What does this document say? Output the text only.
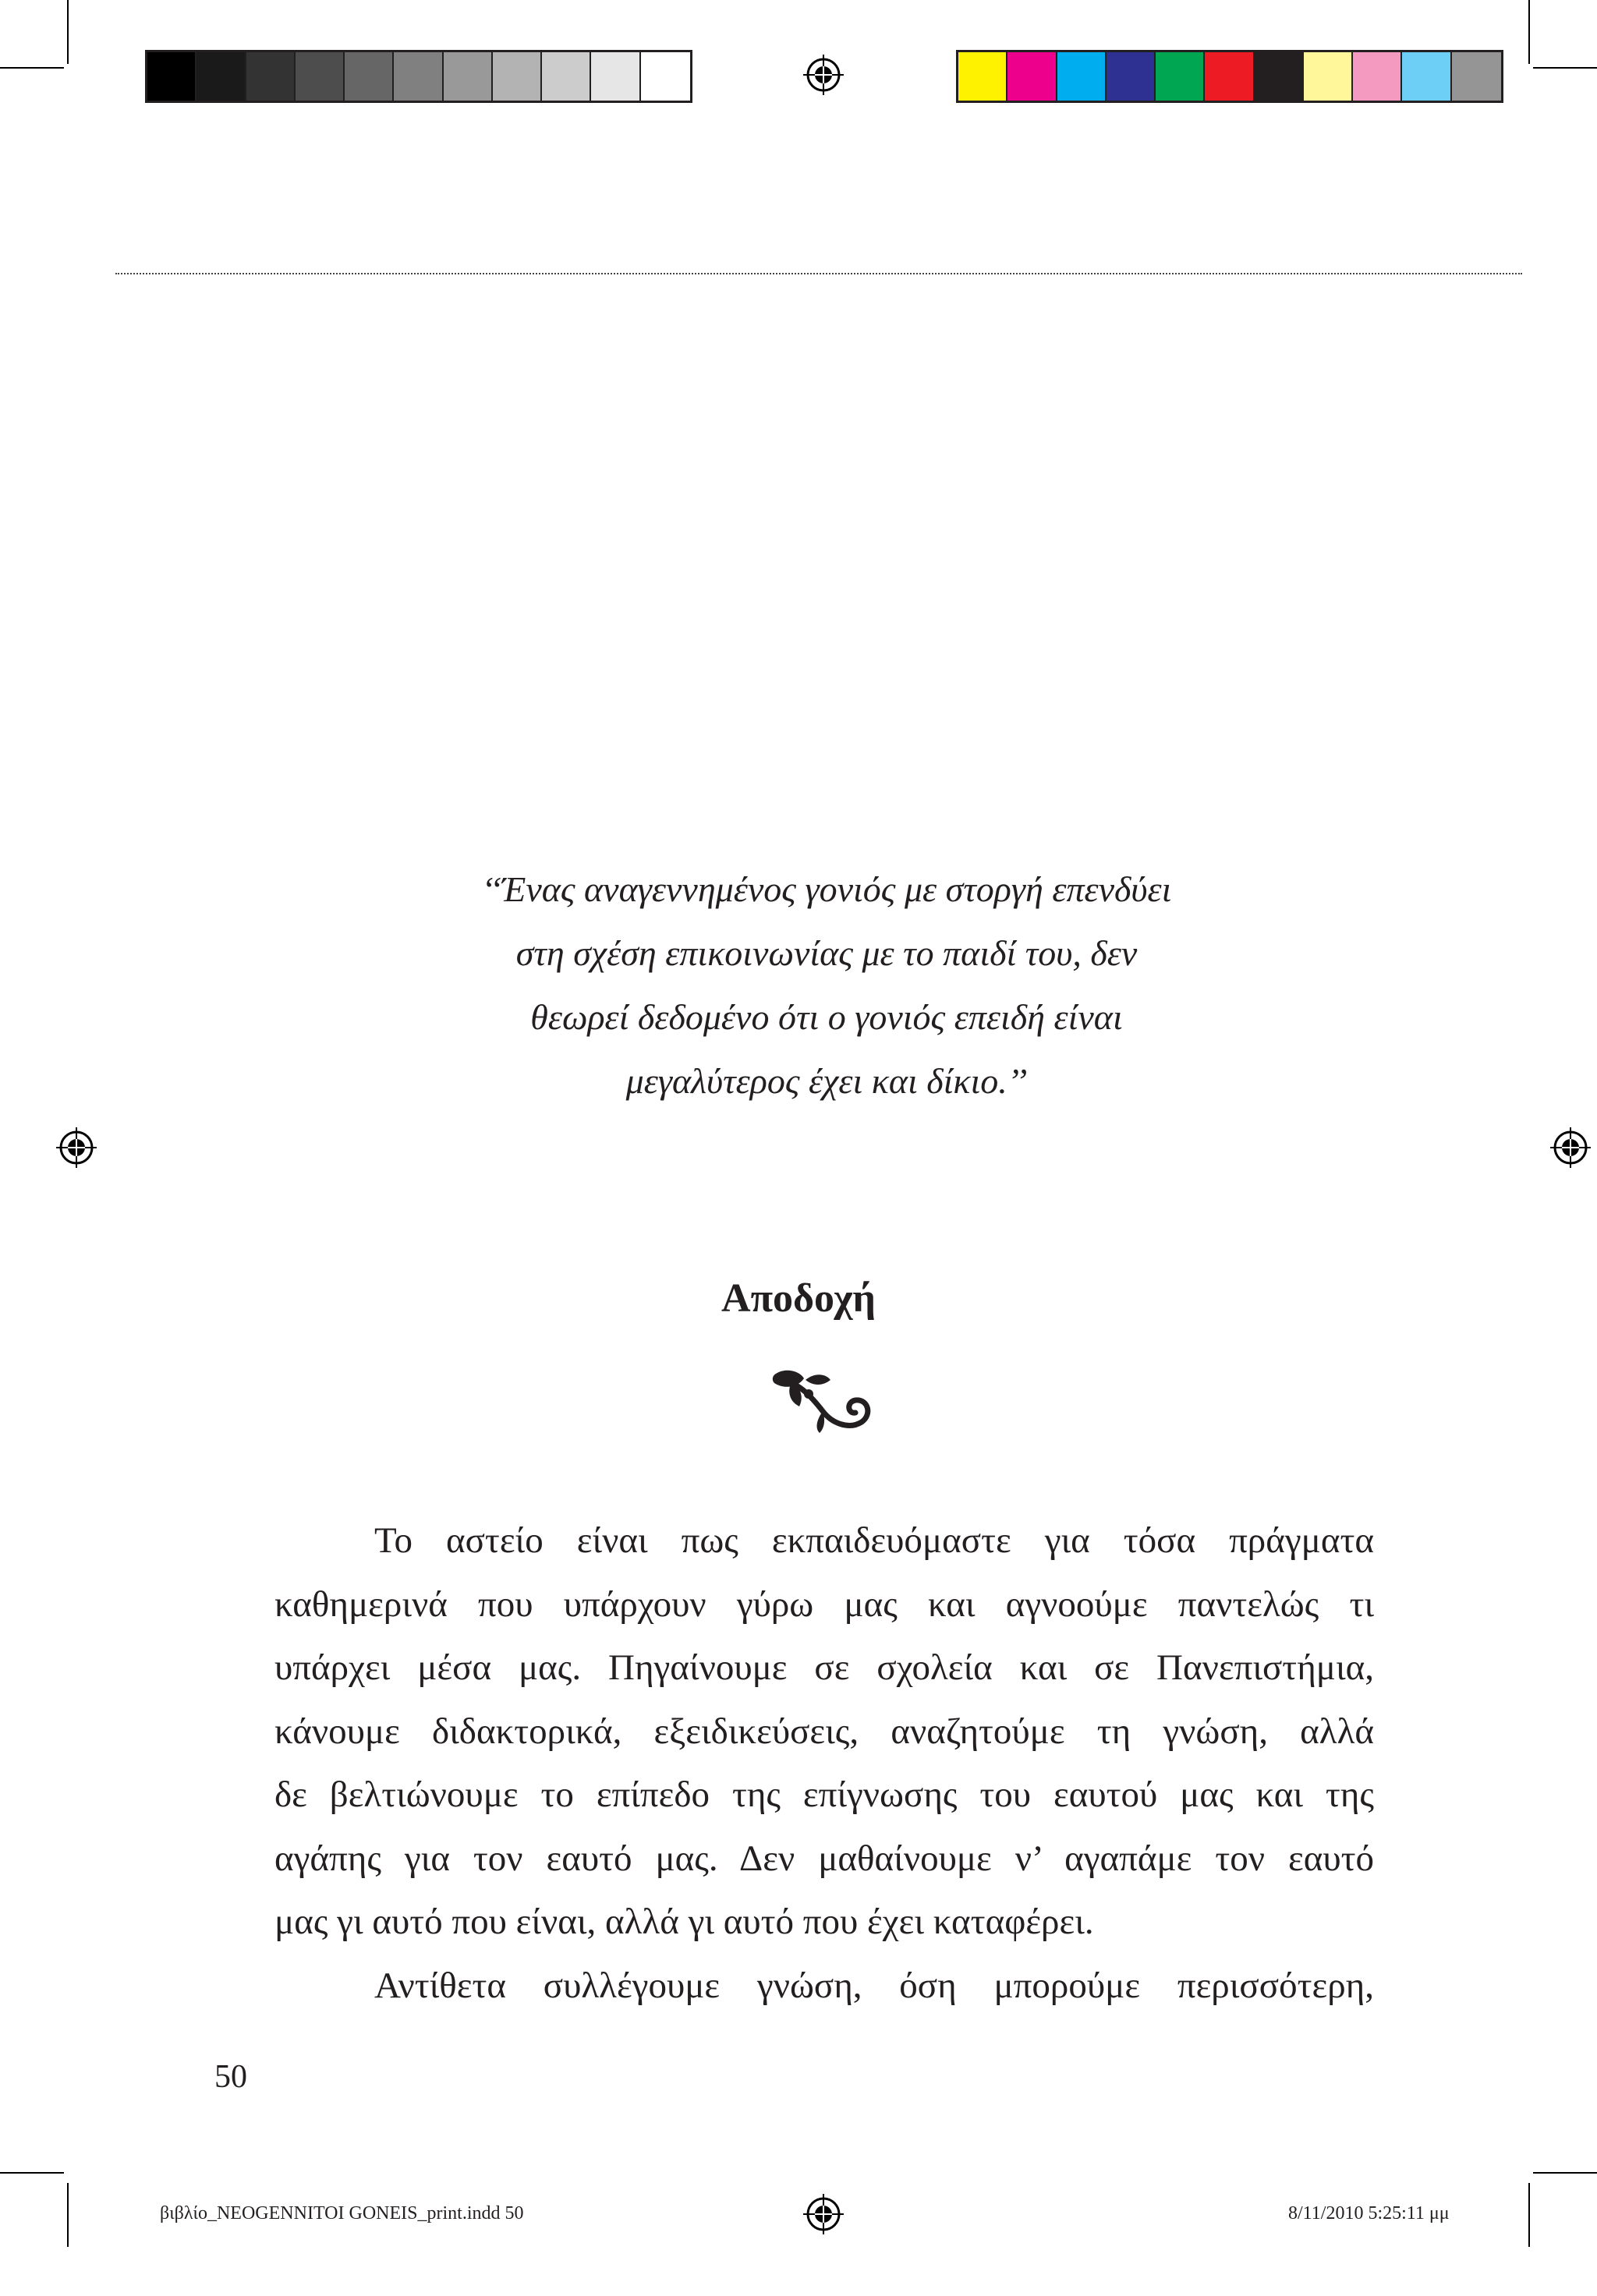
‘‘Ένας αναγεννημένος γονιός με στοργή επενδύει
στη σχέση επικοινωνίας με το παιδί του, δεν
θεωρεί δεδομένο ότι ο γονιός επειδή είναι
μεγαλύτερος έχει και δίκιο.’’
Αποδοχή
Το αστείο είναι πως εκπαιδευόμαστε για τόσα πράγματα
καθημερινά που υπάρχουν γύρω μας και αγνοούμε παντελώς τι
υπάρχει μέσα μας. Πηγαίνουμε σε σχολεία και σε Πανεπιστήμια,
κάνουμε διδακτορικά, εξειδικεύσεις, αναζητούμε τη γνώση, αλλά
δε βελτιώνουμε το επίπεδο της επίγνωσης του εαυτού μας και της
αγάπης για τον εαυτό μας. Δεν μαθαίνουμε ν’ αγαπάμε τον εαυτό
μας γι αυτό που είναι, αλλά γι αυτό που έχει καταφέρει.
Αντίθετα συλλέγουμε γνώση, όση μπορούμε περισσότερη,
50
βιβλίο_NEOGENNITOI GONEIS_print.indd 50	8/11/2010 5:25:11 μμ
